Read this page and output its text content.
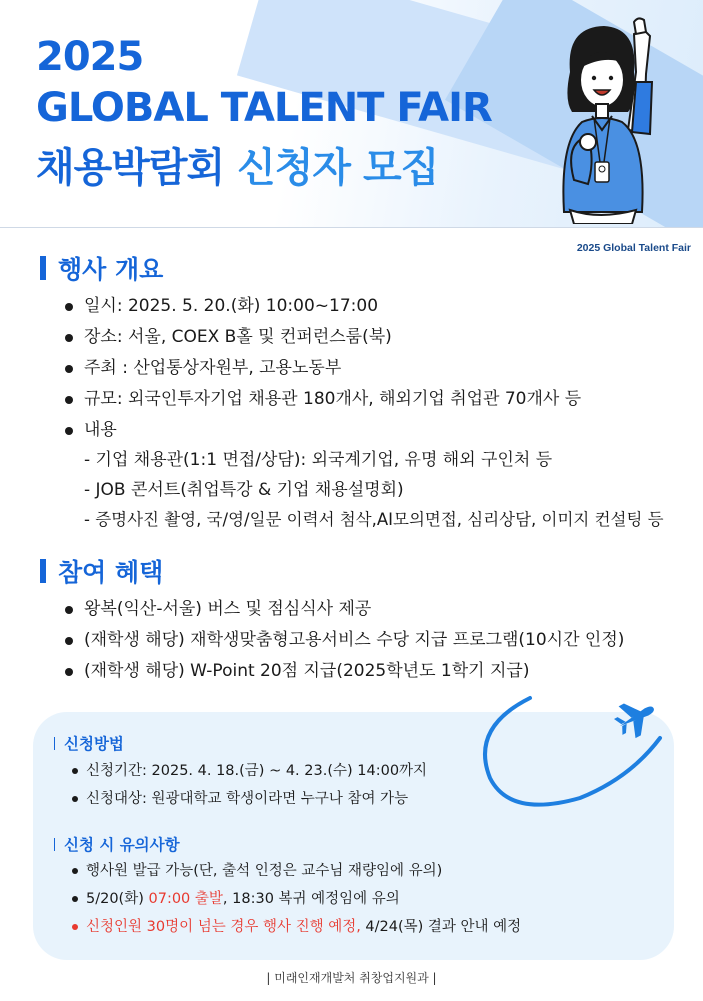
2025
GLOBAL TALENT FAIR
채용박람회 신청자 모집
2025 Global Talent Fair
행사 개요
일시: 2025. 5. 20.(화) 10:00~17:00
장소: 서울, COEX B홀 및 컨퍼런스룸(북)
주최 : 산업통상자원부, 고용노동부
규모: 외국인투자기업 채용관 180개사, 해외기업 취업관 70개사 등
내용
- 기업 채용관(1:1 면접/상담): 외국계기업, 유명 해외 구인처 등
- JOB 콘서트(취업특강 & 기업 채용설명회)
- 증명사진 촬영, 국/영/일문 이력서 첨삭,AI모의면접, 심리상담, 이미지 컨설팅 등
참여 혜택
왕복(익산-서울) 버스 및 점심식사 제공
(재학생 해당) 재학생맞춤형고용서비스 수당 지급 프로그램(10시간 인정)
(재학생 해당) W-Point 20점 지급(2025학년도 1학기 지급)
신청방법
신청기간: 2025. 4. 18.(금) ~ 4. 23.(수) 14:00까지
신청대상: 원광대학교 학생이라면 누구나 참여 가능
신청 시 유의사항
행사원 발급 가능(단, 출석 인정은 교수님 재량임에 유의)
5/20(화) 07:00 출발, 18:30 복귀 예정임에 유의
신청인원 30명이 넘는 경우 행사 진행 예정, 4/24(목) 결과 안내 예정
| 미래인재개발처 취창업지원과 |
